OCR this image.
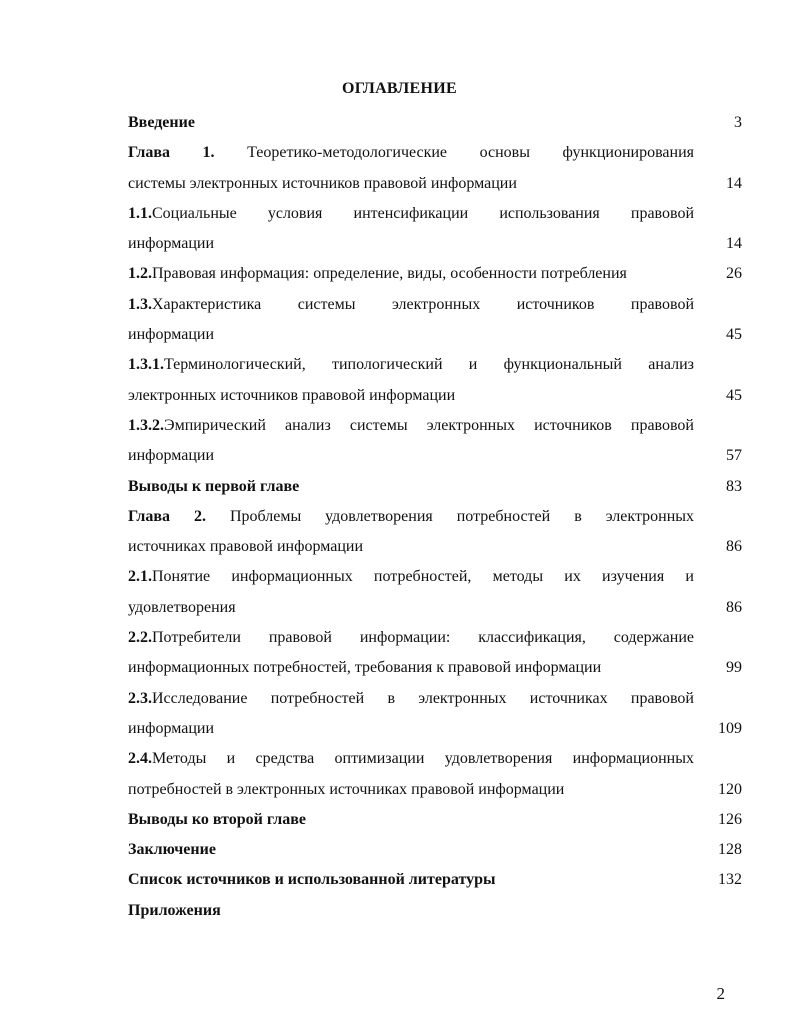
ОГЛАВЛЕНИЕ
Введение	3
Глава 1. Теоретико-методологические основы функционирования
системы электронных источников правовой информации	14
1.1.Социальные условия интенсификации использования правовой
информации	14
1.2.Правовая информация: определение, виды, особенности потребления	26
1.3.Характеристика системы электронных источников правовой
информации	45
1.3.1.Терминологический, типологический и функциональный анализ
электронных источников правовой информации	45
1.3.2.Эмпирический анализ системы электронных источников правовой
информации	57
Выводы к первой главе	83
Глава 2. Проблемы удовлетворения потребностей в электронных
источниках правовой информации	86
2.1.Понятие информационных потребностей, методы их изучения и
удовлетворения	86
2.2.Потребители правовой информации: классификация, содержание
информационных потребностей, требования к правовой информации	99
2.3.Исследование потребностей в электронных источниках правовой
информации	109
2.4.Методы и средства оптимизации удовлетворения информационных
потребностей в электронных источниках правовой информации	120
Выводы ко второй главе	126
Заключение	128
Список источников и использованной литературы	132
Приложения
2
